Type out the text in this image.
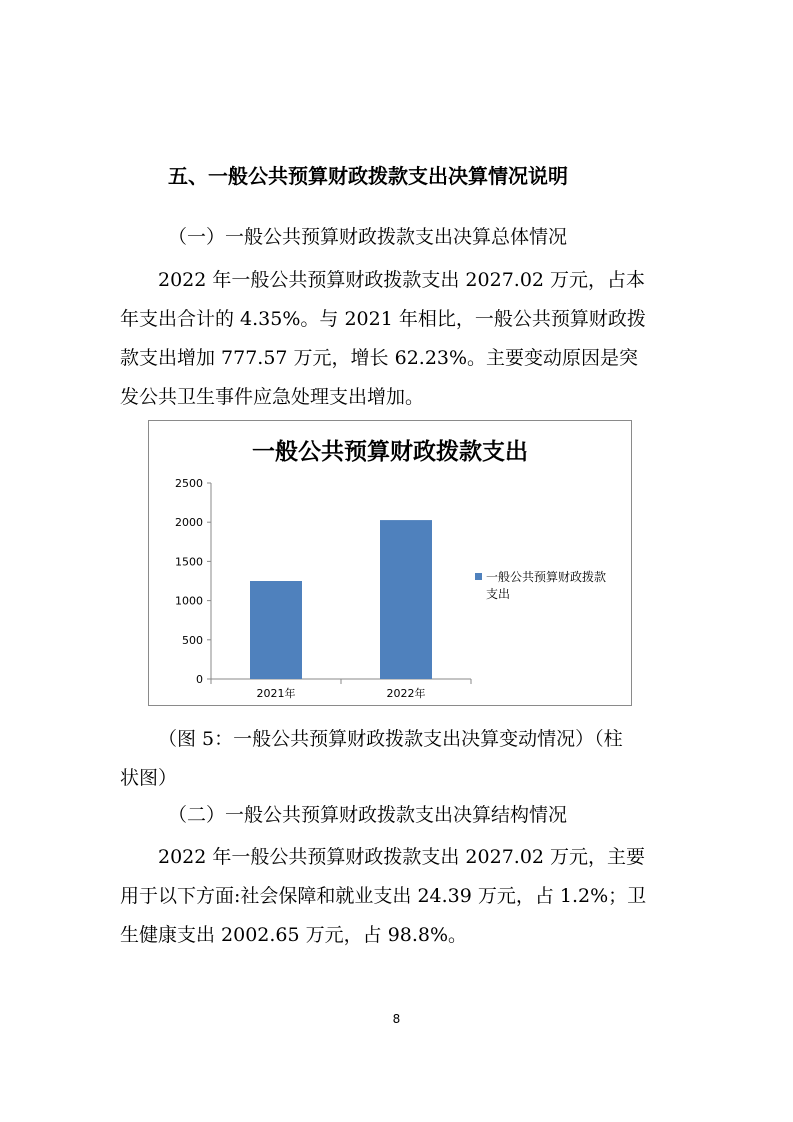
五、一般公共预算财政拨款支出决算情况说明
（一）一般公共预算财政拨款支出决算总体情况
2022 年一般公共预算财政拨款支出 2027.02 万元，占本
年支出合计的 4.35%。与 2021 年相比，一般公共预算财政拨
款支出增加 777.57 万元，增长 62.23%。主要变动原因是突
发公共卫生事件应急处理支出增加。
一般公共预算财政拨款支出
0
500
1000
1500
2000
2500
2021年	2022年
一般公共预算财政拨款
支出
（图 5：一般公共预算财政拨款支出决算变动情况）（柱
状图）
（二）一般公共预算财政拨款支出决算结构情况
2022 年一般公共预算财政拨款支出 2027.02 万元，主要
用于以下方面:社会保障和就业支出 24.39 万元，占 1.2%；卫
生健康支出 2002.65 万元，占 98.8%。
8
